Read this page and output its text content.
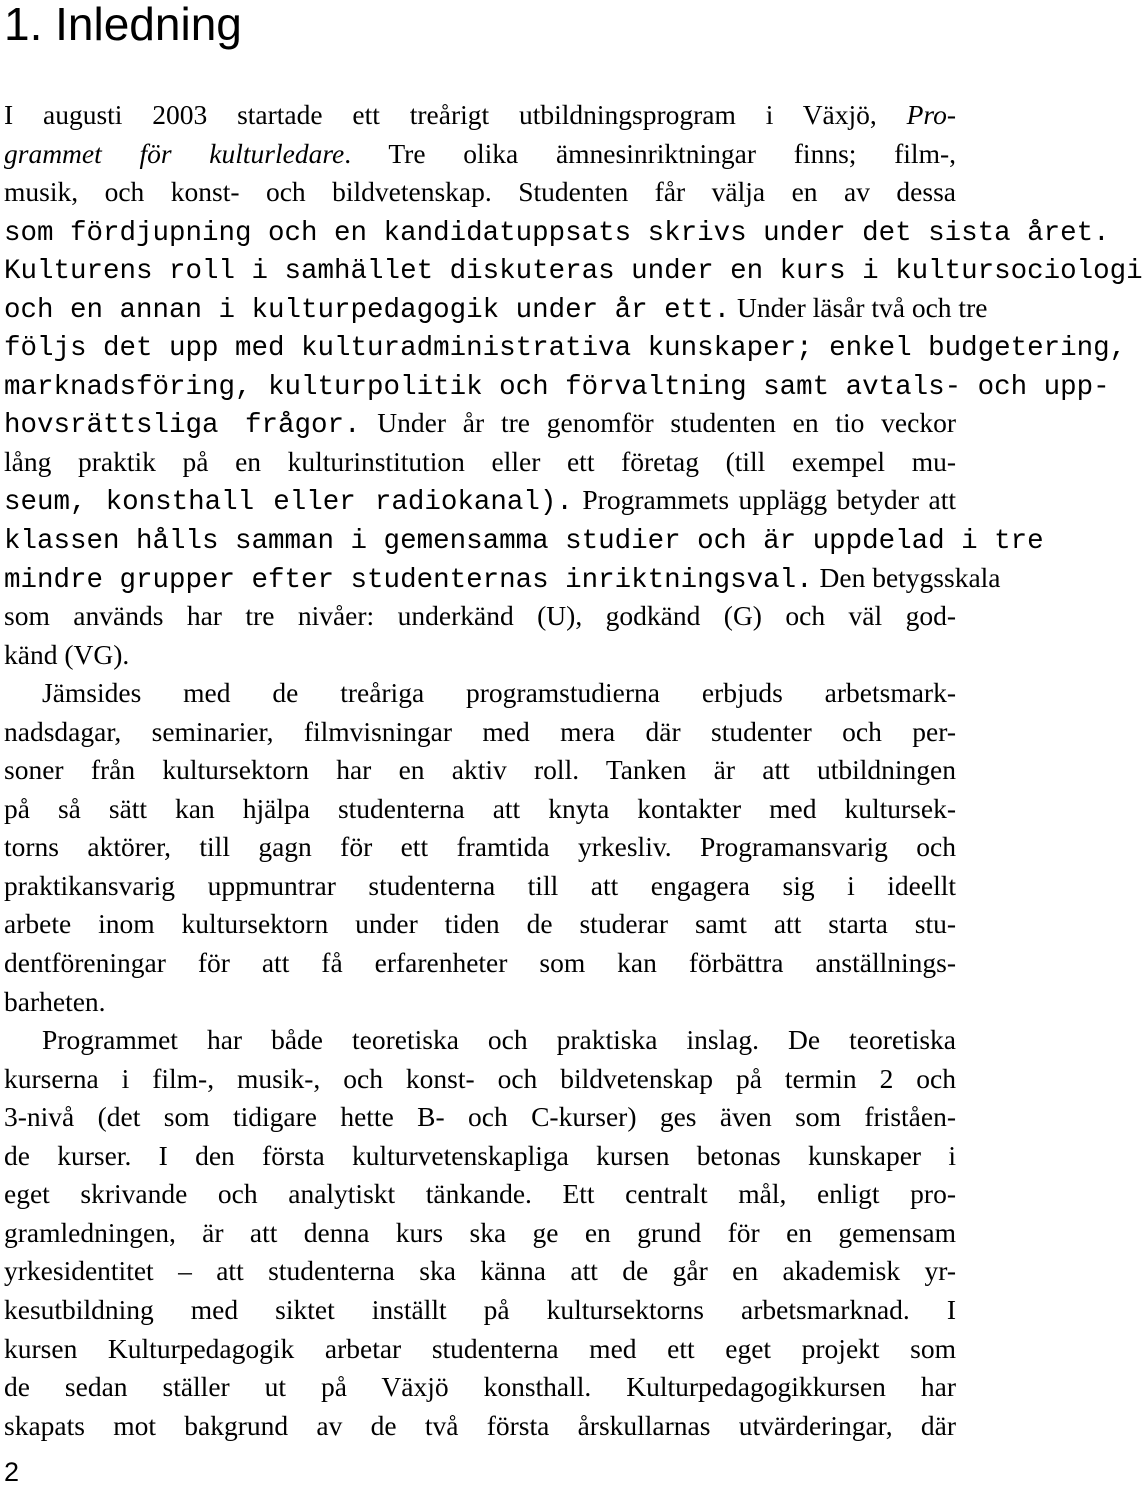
1. Inledning
I augusti 2003 startade ett treårigt utbildningsprogram i Växjö, Pro-
grammet för kulturledare. Tre olika ämnesinriktningar finns; film-,
musik, och konst- och bildvetenskap. Studenten får välja en av dessa
som fördjupning och en kandidatuppsats skrivs under det sista året.
Kulturens roll i samhället diskuteras under en kurs i kultursociologi
och en annan i kulturpedagogik under år ett. Under läsår två och tre
följs det upp med kulturadministrativa kunskaper; enkel budgetering,
marknadsföring, kulturpolitik och förvaltning samt avtals- och upp-
hovsrättsliga frågor. Under år tre genomför studenten en tio veckor
lång praktik på en kulturinstitution eller ett företag (till exempel mu-
seum, konsthall eller radiokanal). Programmets upplägg betyder att
klassen hålls samman i gemensamma studier och är uppdelad i tre
mindre grupper efter studenternas inriktningsval. Den betygsskala
som används har tre nivåer: underkänd (U), godkänd (G) och väl god-
känd (VG).
Jämsides med de treåriga programstudierna erbjuds arbetsmark-
nadsdagar, seminarier, filmvisningar med mera där studenter och per-
soner från kultursektorn har en aktiv roll. Tanken är att utbildningen
på så sätt kan hjälpa studenterna att knyta kontakter med kultursek-
torns aktörer, till gagn för ett framtida yrkesliv. Programansvarig och
praktikansvarig uppmuntrar studenterna till att engagera sig i ideellt
arbete inom kultursektorn under tiden de studerar samt att starta stu-
dentföreningar för att få erfarenheter som kan förbättra anställnings-
barheten.
Programmet har både teoretiska och praktiska inslag. De teoretiska
kurserna i film-, musik-, och konst- och bildvetenskap på termin 2 och
3-nivå (det som tidigare hette B- och C-kurser) ges även som friståen-
de kurser. I den första kulturvetenskapliga kursen betonas kunskaper i
eget skrivande och analytiskt tänkande. Ett centralt mål, enligt pro-
gramledningen, är att denna kurs ska ge en grund för en gemensam
yrkesidentitet – att studenterna ska känna att de går en akademisk yr-
kesutbildning med siktet inställt på kultursektorns arbetsmarknad. I
kursen Kulturpedagogik arbetar studenterna med ett eget projekt som
de sedan ställer ut på Växjö konsthall. Kulturpedagogikkursen har
skapats mot bakgrund av de två första årskullarnas utvärderingar, där
2
